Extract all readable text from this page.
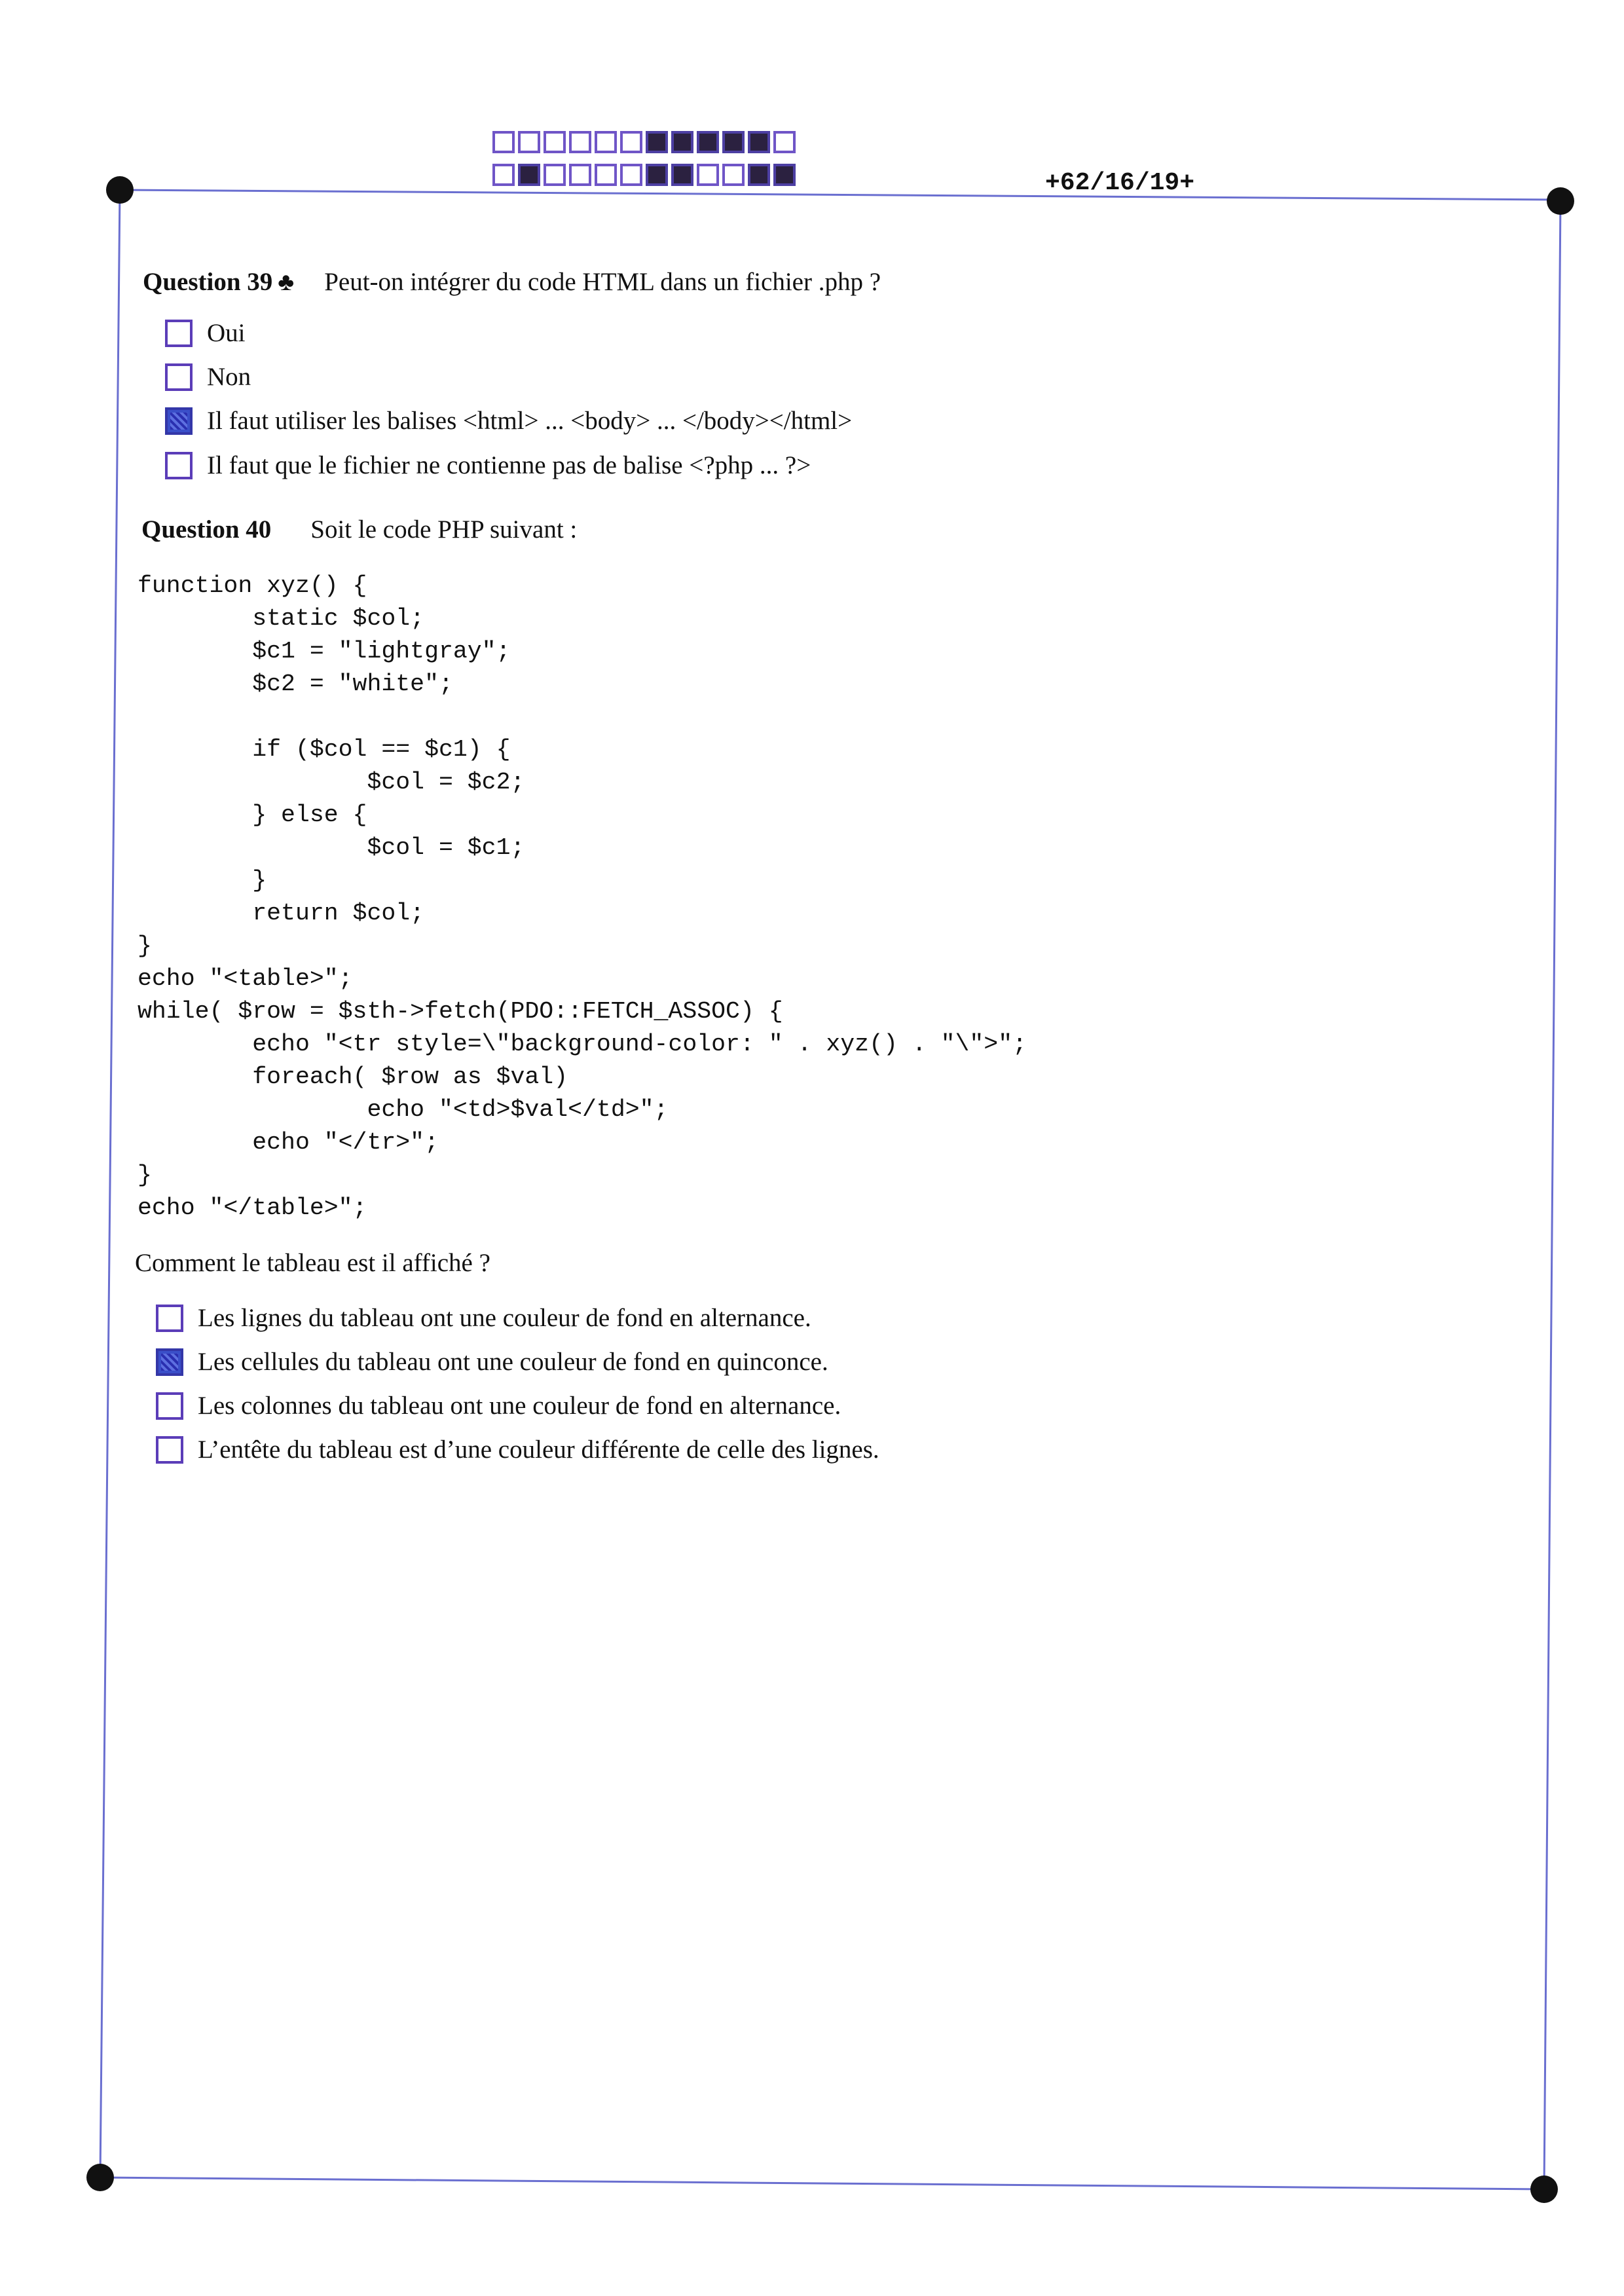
+62/16/19+
Question 39 ♣ Peut-on intégrer du code HTML dans un fichier .php ?
Oui
Non
Il faut utiliser les balises <html> ... <body> ... </body></html>
Il faut que le fichier ne contienne pas de balise <?php ... ?>
Question 40 Soit le code PHP suivant :
function xyz() {
static $col;
$c1 = "lightgray";
$c2 = "white";

if ($col == $c1) {
$col = $c2;
} else {
$col = $c1;
}
return $col;
}
echo "<table>";
while( $row = $sth->fetch(PDO::FETCH_ASSOC) {
echo "<tr style=\"background-color: " . xyz() . "\">";
foreach( $row as $val)
echo "<td>$val</td>";
echo "</tr>";
}
echo "</table>";
Comment le tableau est il affiché ?
Les lignes du tableau ont une couleur de fond en alternance.
Les cellules du tableau ont une couleur de fond en quinconce.
Les colonnes du tableau ont une couleur de fond en alternance.
L’entête du tableau est d’une couleur différente de celle des lignes.
